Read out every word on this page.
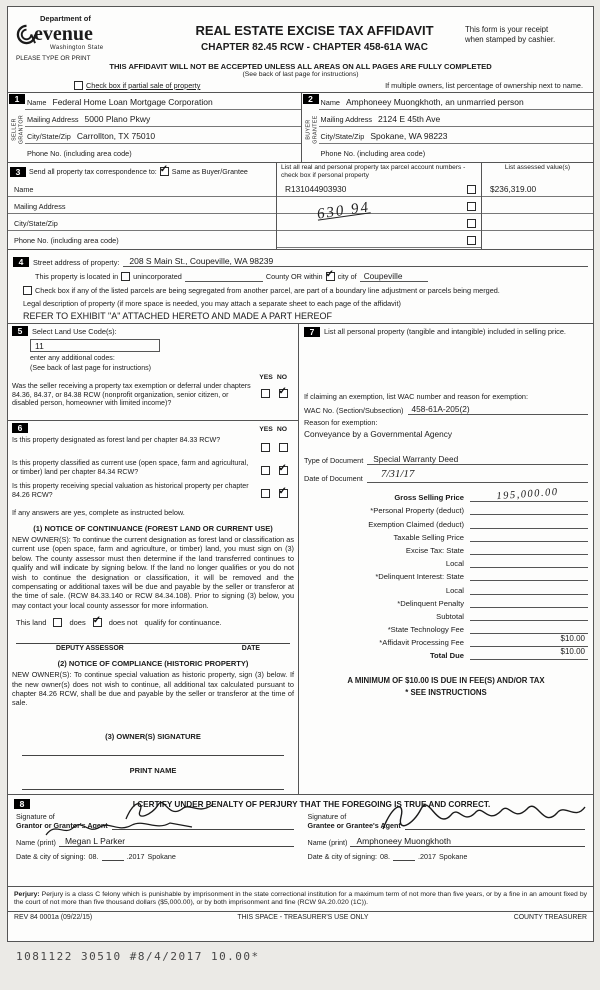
Department of
evenue
Washington State
PLEASE TYPE OR PRINT
REAL ESTATE EXCISE TAX AFFIDAVIT
CHAPTER 82.45 RCW - CHAPTER 458-61A WAC
This form is your receipt
when stamped by cashier.
THIS AFFIDAVIT WILL NOT BE ACCEPTED UNLESS ALL AREAS ON ALL PAGES ARE FULLY COMPLETED
(See back of last page for instructions)
Check box if partial sale of property	If multiple owners, list percentage of ownership next to name.
1
SELLER GRANTOR
Name Federal Home Loan Mortgage Corporation
Mailing Address 5000 Plano Pkwy
City/State/Zip Carrollton, TX 75010
Phone No. (including area code)
2
BUYER GRANTEE
Name Amphoneey Muongkhoth, an unmarried person
Mailing Address 2124 E 45th Ave
City/State/Zip Spokane, WA 98223
Phone No. (including area code)
3	Send all property tax correspondence to: ✓ Same as Buyer/Grantee
Name
Mailing Address
City/State/Zip
Phone No. (including area code)
List all real and personal property tax parcel account numbers - check box if personal property
R131044903930
630 94
List assessed value(s)
$236,319.00
4	Street address of property:	208 S Main St., Coupeville, WA 98239
This property is located in unincorporated	County OR within ✓ city of Coupeville
Check box if any of the listed parcels are being segregated from another parcel, are part of a boundary line adjustment or parcels being merged.
Legal description of property (if more space is needed, you may attach a separate sheet to each page of the affidavit)
REFER TO EXHIBIT "A" ATTACHED HERETO AND MADE A PART HEREOF
5	Select Land Use Code(s):
11
enter any additional codes:
(See back of last page for instructions)
YES NO
Was the seller receiving a property tax exemption or deferral under chapters 84.36, 84.37, or 84.38 RCW (nonprofit organization, senior citizen, or disabled person, homeowner with limited income)?
✓
6	YES NO
Is this property designated as forest land per chapter 84.33 RCW?
Is this property classified as current use (open space, farm and agricultural, or timber) land per chapter 84.34 RCW?
✓
Is this property receiving special valuation as historical property per chapter 84.26 RCW?
✓
If any answers are yes, complete as instructed below.
(1) NOTICE OF CONTINUANCE (FOREST LAND OR CURRENT USE)
NEW OWNER(S): To continue the current designation as forest land or classification as current use (open space, farm and agriculture, or timber) land, you must sign on (3) below. The county assessor must then determine if the land transferred continues to qualify and will indicate by signing below. If the land no longer qualifies or you do not wish to continue the designation or classification, it will be removed and the compensating or additional taxes will be due and payable by the seller or transferor at the time of sale. (RCW 84.33.140 or RCW 84.34.108). Prior to signing (3) below, you may contact your local county assessor for more information.
This land	does ✓	does not qualify for continuance.
DEPUTY ASSESSOR	DATE
(2) NOTICE OF COMPLIANCE (HISTORIC PROPERTY)
NEW OWNER(S): To continue special valuation as historic property, sign (3) below. If the new owner(s) does not wish to continue, all additional tax calculated pursuant to chapter 84.26 RCW, shall be due and payable by the seller or transferor at the time of sale.
(3) OWNER(S) SIGNATURE
PRINT NAME
7	List all personal property (tangible and intangible) included in selling price.
If claiming an exemption, list WAC number and reason for exemption:
WAC No. (Section/Subsection) 458-61A-205(2)
Reason for exemption:
Conveyance by a Governmental Agency
Type of Document	Special Warranty Deed
Date of Document	7/31/17
Gross Selling Price	195,000.00
*Personal Property (deduct)
Exemption Claimed (deduct)
Taxable Selling Price
Excise Tax: State
Local
*Delinquent Interest: State
Local
*Delinquent Penalty
Subtotal
*State Technology Fee
*Affidavit Processing Fee	$10.00
Total Due	$10.00
A MINIMUM OF $10.00 IS DUE IN FEE(S) AND/OR TAX
* SEE INSTRUCTIONS
8	I CERTIFY UNDER PENALTY OF PERJURY THAT THE FOREGOING IS TRUE AND CORRECT.
Signature of
Grantor or Grantor's Agent
Name (print)	Megan L Parker
Date & city of signing: 08.	.2017 Spokane
Signature of
Grantee or Grantee's Agent
Name (print)	Amphoneey Muongkhoth
Date & city of signing: 08.	.2017 Spokane
Perjury: Perjury is a class C felony which is punishable by imprisonment in the state correctional institution for a maximum term of not more than five years, or by a fine in an amount fixed by the court of not more than five thousand dollars ($5,000.00), or by both imprisonment and fine (RCW 9A.20.020 (1C)).
REV 84 0001a (09/22/15)	THIS SPACE - TREASURER'S USE ONLY	COUNTY TREASURER
1081122 30510 #8/4/2017 10.00*
